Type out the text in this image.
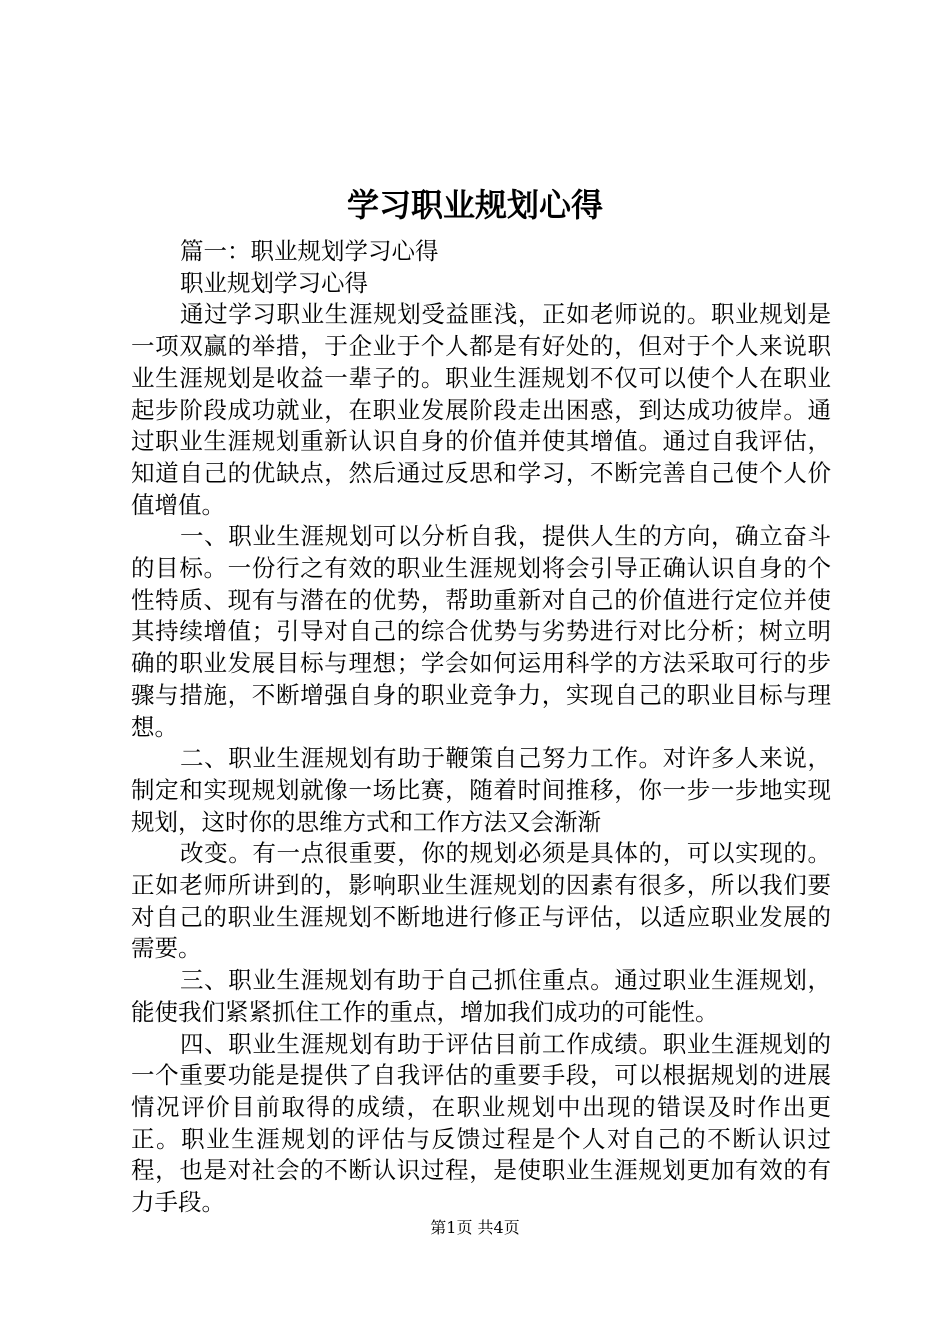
学习职业规划心得

篇一：职业规划学习心得

职业规划学习心得

通过学习职业生涯规划受益匪浅，正如老师说的。职业规划是一项双赢的举措，于企业于个人都是有好处的，但对于个人来说职业生涯规划是收益一辈子的。职业生涯规划不仅可以使个人在职业起步阶段成功就业，在职业发展阶段走出困惑，到达成功彼岸。通过职业生涯规划重新认识自身的价值并使其增值。通过自我评估，知道自己的优缺点，然后通过反思和学习，不断完善自己使个人价值增值。

一、职业生涯规划可以分析自我，提供人生的方向，确立奋斗的目标。一份行之有效的职业生涯规划将会引导正确认识自身的个性特质、现有与潜在的优势，帮助重新对自己的价值进行定位并使其持续增值；引导对自己的综合优势与劣势进行对比分析；树立明确的职业发展目标与理想；学会如何运用科学的方法采取可行的步骤与措施，不断增强自身的职业竞争力，实现自己的职业目标与理想。

二、职业生涯规划有助于鞭策自己努力工作。对许多人来说，制定和实现规划就像一场比赛，随着时间推移，你一步一步地实现规划，这时你的思维方式和工作方法又会渐渐

改变。有一点很重要，你的规划必须是具体的，可以实现的。正如老师所讲到的，影响职业生涯规划的因素有很多，所以我们要对自己的职业生涯规划不断地进行修正与评估，以适应职业发展的需要。

三、职业生涯规划有助于自己抓住重点。通过职业生涯规划，能使我们紧紧抓住工作的重点，增加我们成功的可能性。

四、职业生涯规划有助于评估目前工作成绩。职业生涯规划的一个重要功能是提供了自我评估的重要手段，可以根据规划的进展情况评价目前取得的成绩，在职业规划中出现的错误及时作出更正。职业生涯规划的评估与反馈过程是个人对自己的不断认识过程，也是对社会的不断认识过程，是使职业生涯规划更加有效的有力手段。

第1页 共4页
